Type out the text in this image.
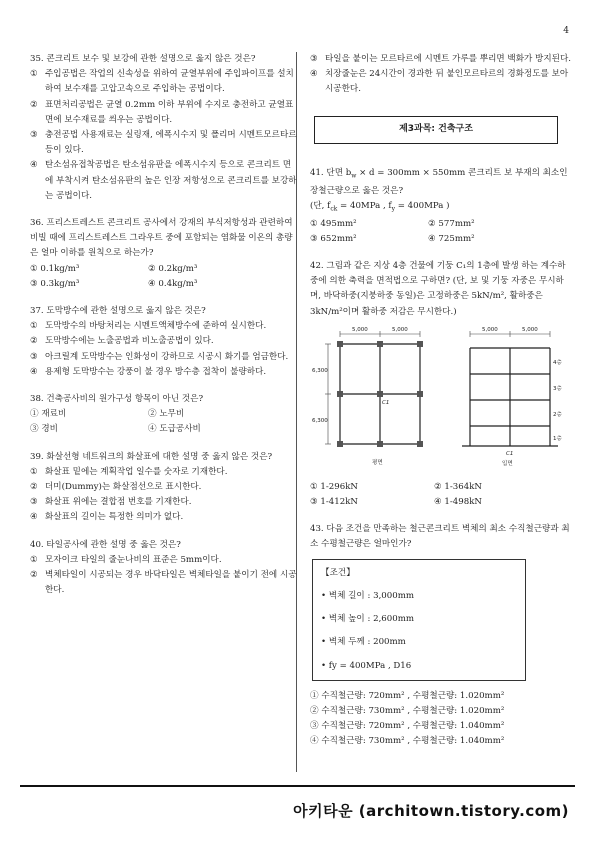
4

35. 콘크리트 보수 및 보강에 관한 설명으로 옳지 않은 것은?

① 주입공법은 작업의 신속성을 위하여 균열부위에 주입파이프를 설치하여 보수재를 고압고속으로 주입하는 공법이다.
② 표면처리공법은 균열 0.2mm 이하 부위에 수지로 충전하고 균열표면에 보수재료를 씌우는 공법이다.
③ 충전공법 사용재료는 실링재, 에폭시수지 및 폴리머 시멘트모르타르 등이 있다.
④ 탄소섬유접착공법은 탄소섬유판을 에폭시수지 등으로 콘크리트 면에 부착시켜 탄소섬유판의 높은 인장 저항성으로 콘크리트를 보강하는 공법이다.

36. 프리스트레스트 콘크리트 공사에서 강재의 부식저항성과 관련하여 비빌 때에 프리스트레스트 그라우트 중에 포함되는 염화물 이온의 총량은 얼마 이하를 원칙으로 하는가?

① 0.1kg/m³	② 0.2kg/m³
③ 0.3kg/m³	④ 0.4kg/m³

37. 도막방수에 관한 설명으로 옳지 않은 것은?

① 도막방수의 바탕처리는 시멘트액체방수에 준하여 실시한다.
② 도막방수에는 노출공법과 비노출공법이 있다.
③ 아크릴계 도막방수는 인화성이 강하므로 시공시 화기를 엄금한다.
④ 용제형 도막방수는 강풍이 불 경우 방수층 접착이 불량하다.

38. 건축공사비의 원가구성 항목이 아닌 것은?

① 재료비	② 노무비
③ 경비	④ 도급공사비

39. 화살선형 네트워크의 화살표에 대한 설명 중 옳지 않은 것은?

① 화살표 밑에는 계획작업 일수를 숫자로 기재한다.
② 더미(Dummy)는 화살점선으로 표시한다.
③ 화살표 위에는 결합점 번호를 기재한다.
④ 화살표의 길이는 특정한 의미가 없다.

40. 타일공사에 관한 설명 중 옳은 것은?

① 모자이크 타일의 줄눈나비의 표준은 5mm이다.
② 벽체타일이 시공되는 경우 바닥타일은 벽체타일을 붙이기 전에 시공한다.
③ 타일을 붙이는 모르타르에 시멘트 가루를 뿌리면 백화가 방지된다.
④ 치장줄눈은 24시간이 경과한 뒤 붙인모르타르의 경화정도를 보아 시공한다.
제3과목: 건축구조

41. 단면 $b_w \times d = 300mm \times 550mm$ 콘크리트 보 부재의 최소인장철근량으로 옳은 것은?

(단, $f_{ck} = 40MPa$ , $f_y = 400MPa$ )

① 495mm²	② 577mm²
③ 652mm²	④ 725mm²

42. 그림과 같은 지상 4층 건물에 기둥 C₁의 1층에 발생 하는 계수하중에 의한 축력을 면적법으로 구하면? (단, 보 및 기둥 자중은 무시하며, 바닥하중(지붕하중 동일)은 고정하중은 5kN/m², 활하중은 3kN/m²이며 활하중 저감은 무시한다.)

5,000	5,000
6,300
6,300
C1
평면
5,000	5,000
4층
3층
2층
1층
C1
입면
① 1-296kN	② 1-364kN
③ 1-412kN	④ 1-498kN

43. 다음 조건을 만족하는 철근콘크리트 벽체의 최소 수직철근량과 최소 수평철근량은 얼마인가?

【조건】
• 벽체 길이 : 3,000mm
• 벽체 높이 : 2,600mm
• 벽체 두께 : 200mm
• fy = 400MPa , D16

① 수직철근량: 720mm² , 수평철근량: 1.020mm²

② 수직철근량: 730mm² , 수평철근량: 1.020mm²

③ 수직철근량: 720mm² , 수평철근량: 1.040mm²

④ 수직철근량: 730mm² , 수평철근량: 1.040mm²

아키타운 (architown.tistory.com)
